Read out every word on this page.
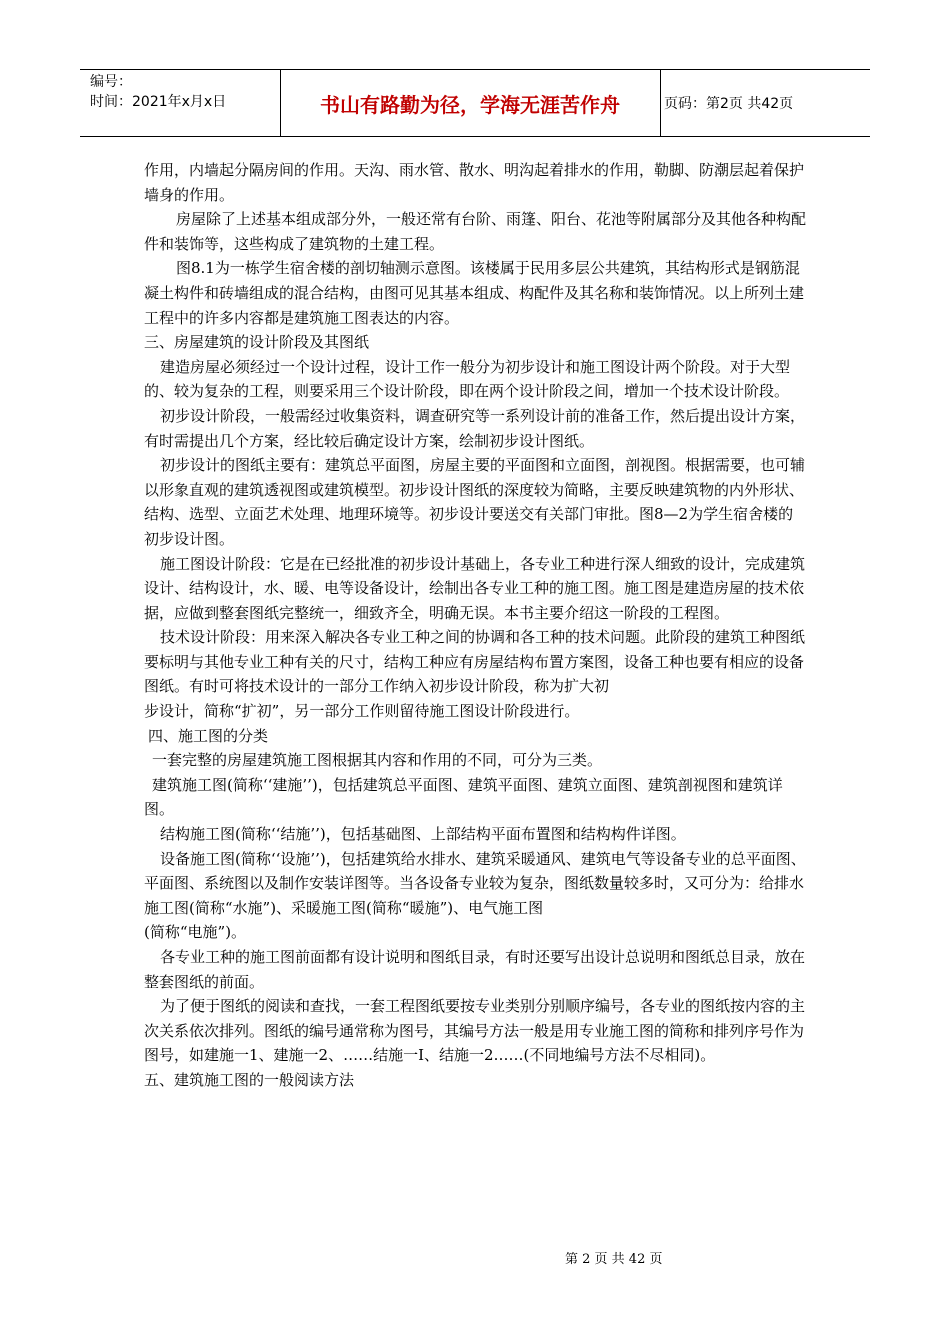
编号：
时间：2021年x月x日	书山有路勤为径，学海无涯苦作舟	页码：第2页 共42页

作用，内墙起分隔房间的作用。天沟、雨水管、散水、明沟起着排水的作用，勒脚、防潮层起着保护墙身的作用。

房屋除了上述基本组成部分外，一般还常有台阶、雨篷、阳台、花池等附属部分及其他各种构配件和装饰等，这些构成了建筑物的土建工程。

图8.1为一栋学生宿舍楼的剖切轴测示意图。该楼属于民用多层公共建筑，其结构形式是钢筋混凝土构件和砖墙组成的混合结构，由图可见其基本组成、构配件及其名称和装饰情况。以上所列土建工程中的许多内容都是建筑施工图表达的内容。

三、房屋建筑的设计阶段及其图纸

建造房屋必须经过一个设计过程，设计工作一般分为初步设计和施工图设计两个阶段。对于大型的、较为复杂的工程，则要采用三个设计阶段，即在两个设计阶段之间，增加一个技术设计阶段。

初步设计阶段，一般需经过收集资料，调查研究等一系列设计前的准备工作，然后提出设计方案，有时需提出几个方案，经比较后确定设计方案，绘制初步设计图纸。

初步设计的图纸主要有：建筑总平面图，房屋主要的平面图和立面图，剖视图。根据需要，也可辅以形象直观的建筑透视图或建筑模型。初步设计图纸的深度较为简略，主要反映建筑物的内外形状、结构、选型、立面艺术处理、地理环境等。初步设计要送交有关部门审批。图8—2为学生宿舍楼的初步设计图。

施工图设计阶段：它是在已经批准的初步设计基础上，各专业工种进行深人细致的设计，完成建筑设计、结构设计，水、暖、电等设备设计，绘制出各专业工种的施工图。施工图是建造房屋的技术依据，应做到整套图纸完整统一，细致齐全，明确无误。本书主要介绍这一阶段的工程图。

技术设计阶段：用来深入解决各专业工种之间的协调和各工种的技术问题。此阶段的建筑工种图纸要标明与其他专业工种有关的尺寸，结构工种应有房屋结构布置方案图，设备工种也要有相应的设备图纸。有时可将技术设计的一部分工作纳入初步设计阶段，称为扩大初

步设计，简称“扩初”，另一部分工作则留待施工图设计阶段进行。

四、施工图的分类

一套完整的房屋建筑施工图根据其内容和作用的不同，可分为三类。

建筑施工图(简称‘‘建施’’)，包括建筑总平面图、建筑平面图、建筑立面图、建筑剖视图和建筑详图。

结构施工图(简称‘‘结施’’)，包括基础图、上部结构平面布置图和结构构件详图。

设备施工图(简称‘‘设施’’)，包括建筑给水排水、建筑采暖通风、建筑电气等设备专业的总平面图、平面图、系统图以及制作安装详图等。当各设备专业较为复杂，图纸数量较多时，又可分为：给排水施工图(简称“水施”)、采暖施工图(简称“暖施”)、电气施工图

(简称“电施”)。

各专业工种的施工图前面都有设计说明和图纸目录，有时还要写出设计总说明和图纸总目录，放在整套图纸的前面。

为了便于图纸的阅读和查找，一套工程图纸要按专业类别分别顺序编号，各专业的图纸按内容的主次关系依次排列。图纸的编号通常称为图号，其编号方法一般是用专业施工图的简称和排列序号作为图号，如建施一1、建施一2、……结施一I、结施一2……(不同地编号方法不尽相同)。

五、建筑施工图的一般阅读方法

第 2 页 共 42 页
